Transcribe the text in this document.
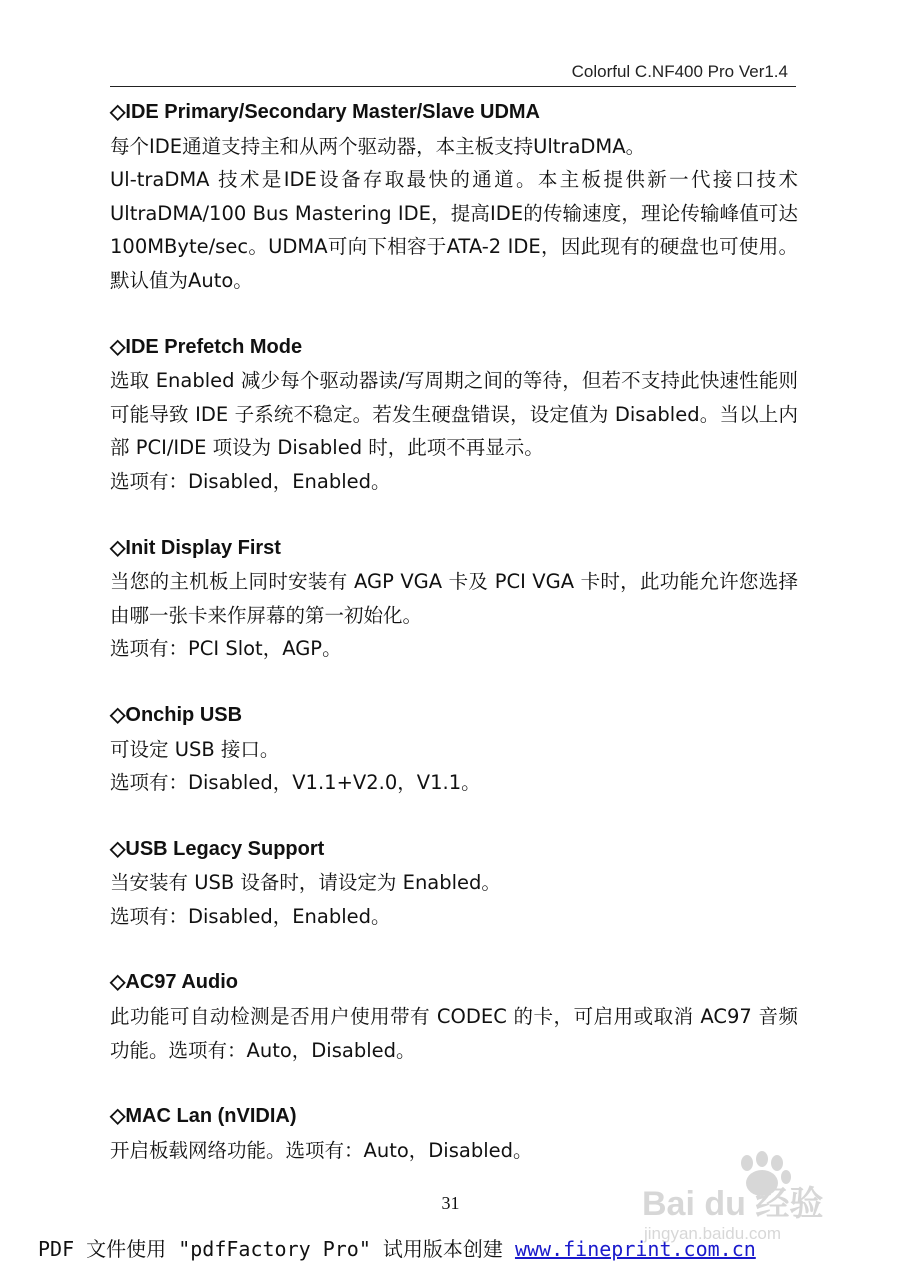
Colorful C.NF400 Pro Ver1.4

◇IDE Primary/Secondary Master/Slave UDMA

每个IDE通道支持主和从两个驱动器，本主板支持UltraDMA。

Ul-traDMA 技术是IDE设备存取最快的通道。本主板提供新一代接口技术UltraDMA/100 Bus Mastering IDE，提高IDE的传输速度，理论传输峰值可达100MByte/sec。UDMA可向下相容于ATA-2 IDE，因此现有的硬盘也可使用。默认值为Auto。

◇IDE Prefetch Mode

选取 Enabled 减少每个驱动器读/写周期之间的等待，但若不支持此快速性能则可能导致 IDE 子系统不稳定。若发生硬盘错误，设定值为 Disabled。当以上内部 PCI/IDE 项设为 Disabled 时，此项不再显示。

选项有：Disabled，Enabled。

◇Init Display First

当您的主机板上同时安装有 AGP VGA 卡及 PCI VGA 卡时，此功能允许您选择由哪一张卡来作屏幕的第一初始化。

选项有：PCI Slot，AGP。

◇Onchip USB

可设定 USB 接口。

选项有：Disabled，V1.1+V2.0，V1.1。

◇USB Legacy Support

当安装有 USB 设备时，请设定为 Enabled。

选项有：Disabled，Enabled。

◇AC97 Audio

此功能可自动检测是否用户使用带有 CODEC 的卡，可启用或取消 AC97 音频功能。选项有：Auto，Disabled。

◇MAC Lan (nVIDIA)

开启板载网络功能。选项有：Auto，Disabled。

31
PDF 文件使用 "pdfFactory Pro" 试用版本创建 www.fineprint.com.cn
Bai du 经验
jingyan.baidu.com
